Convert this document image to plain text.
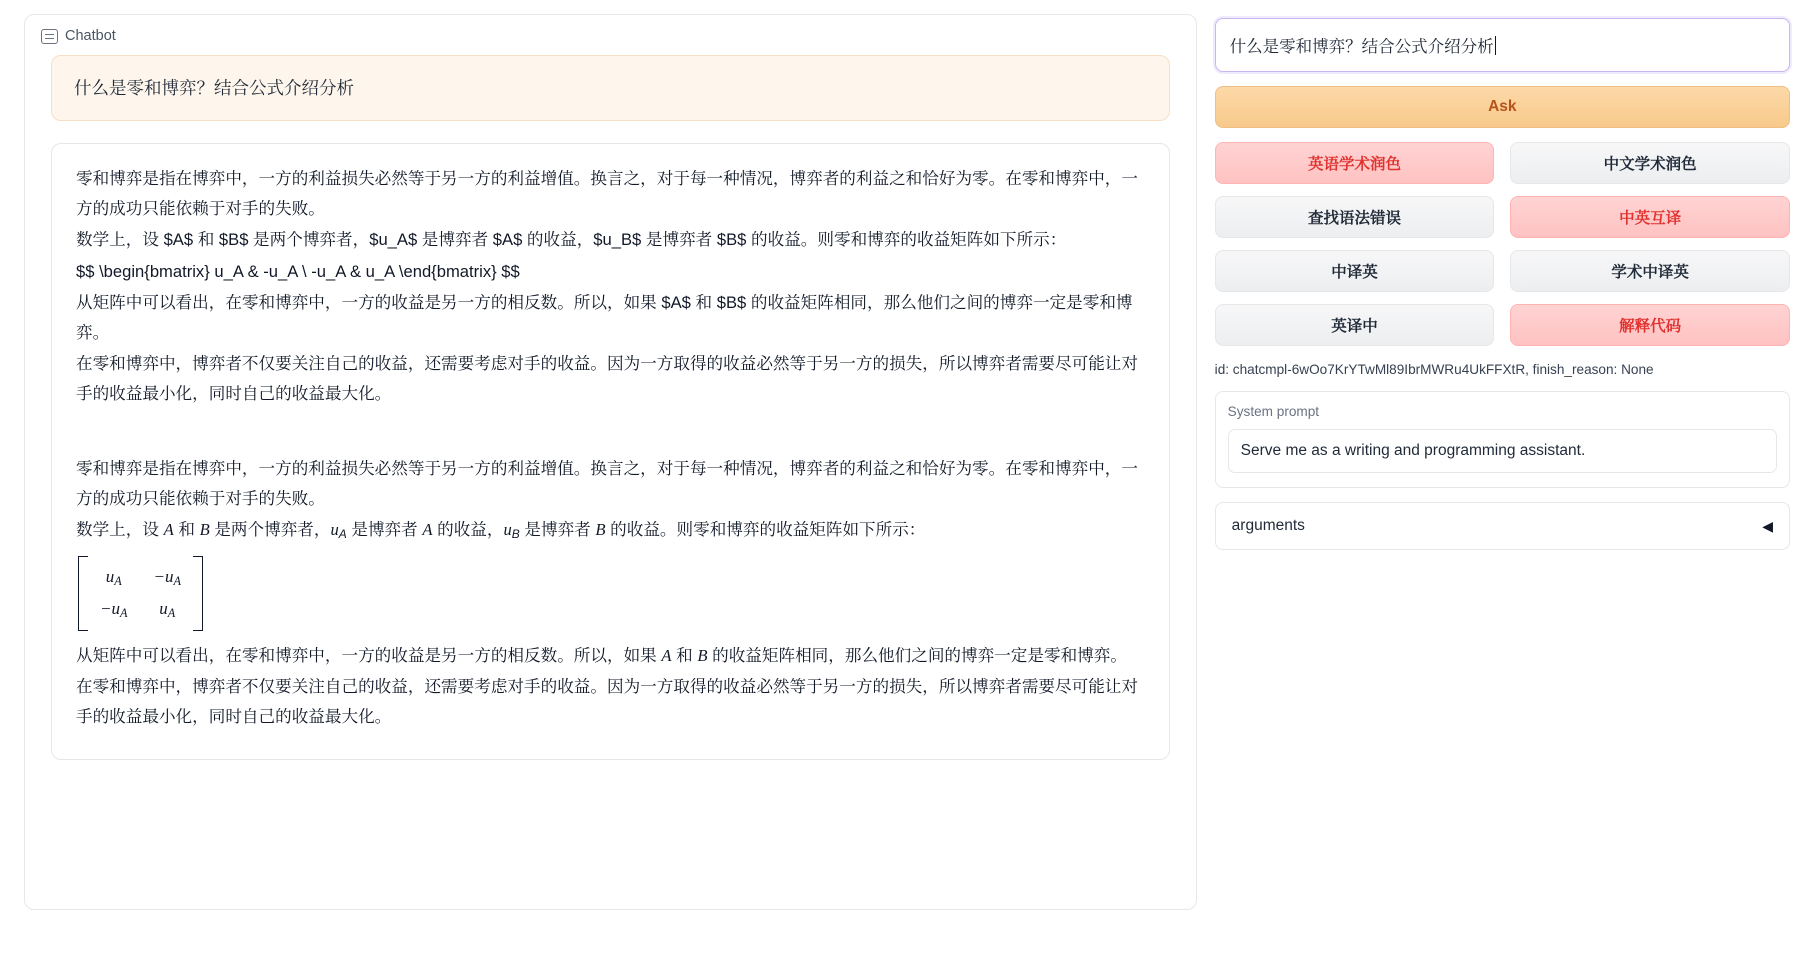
Chatbot
什么是零和博弈？结合公式介绍分析

零和博弈是指在博弈中，一方的利益损失必然等于另一方的利益增值。换言之，对于每一种情况，博弈者的利益之和恰好为零。在零和博弈中，一方的成功只能依赖于对手的失败。

数学上，设 $A$ 和 $B$ 是两个博弈者，$u_A$ 是博弈者 $A$ 的收益，$u_B$ 是博弈者 $B$ 的收益。则零和博弈的收益矩阵如下所示：

$$ \begin{bmatrix} u_A & -u_A \ -u_A & u_A \end{bmatrix} $$

从矩阵中可以看出，在零和博弈中，一方的收益是另一方的相反数。所以，如果 $A$ 和 $B$ 的收益矩阵相同，那么他们之间的博弈一定是零和博弈。

在零和博弈中，博弈者不仅要关注自己的收益，还需要考虑对手的收益。因为一方取得的收益必然等于另一方的损失，所以博弈者需要尽可能让对手的收益最小化，同时自己的收益最大化。

零和博弈是指在博弈中，一方的利益损失必然等于另一方的利益增值。换言之，对于每一种情况，博弈者的利益之和恰好为零。在零和博弈中，一方的成功只能依赖于对手的失败。

数学上，设 A 和 B 是两个博弈者，$u_A$ 是博弈者 A 的收益，$u_B$ 是博弈者 B 的收益。则零和博弈的收益矩阵如下所示：

$u_A$	$-u_A$
$-u_A$	$u_A$

从矩阵中可以看出，在零和博弈中，一方的收益是另一方的相反数。所以，如果 A 和 B 的收益矩阵相同，那么他们之间的博弈一定是零和博弈。

在零和博弈中，博弈者不仅要关注自己的收益，还需要考虑对手的收益。因为一方取得的收益必然等于另一方的损失，所以博弈者需要尽可能让对手的收益最小化，同时自己的收益最大化。

什么是零和博弈？结合公式介绍分析
Ask
英语学术润色	中文学术润色
查找语法错误	中英互译
中译英	学术中译英
英译中	解释代码
id: chatcmpl-6wOo7KrYTwMl89IbrMWRu4UkFFXtR, finish_reason: None
System prompt
Serve me as a writing and programming assistant.
arguments	◀
